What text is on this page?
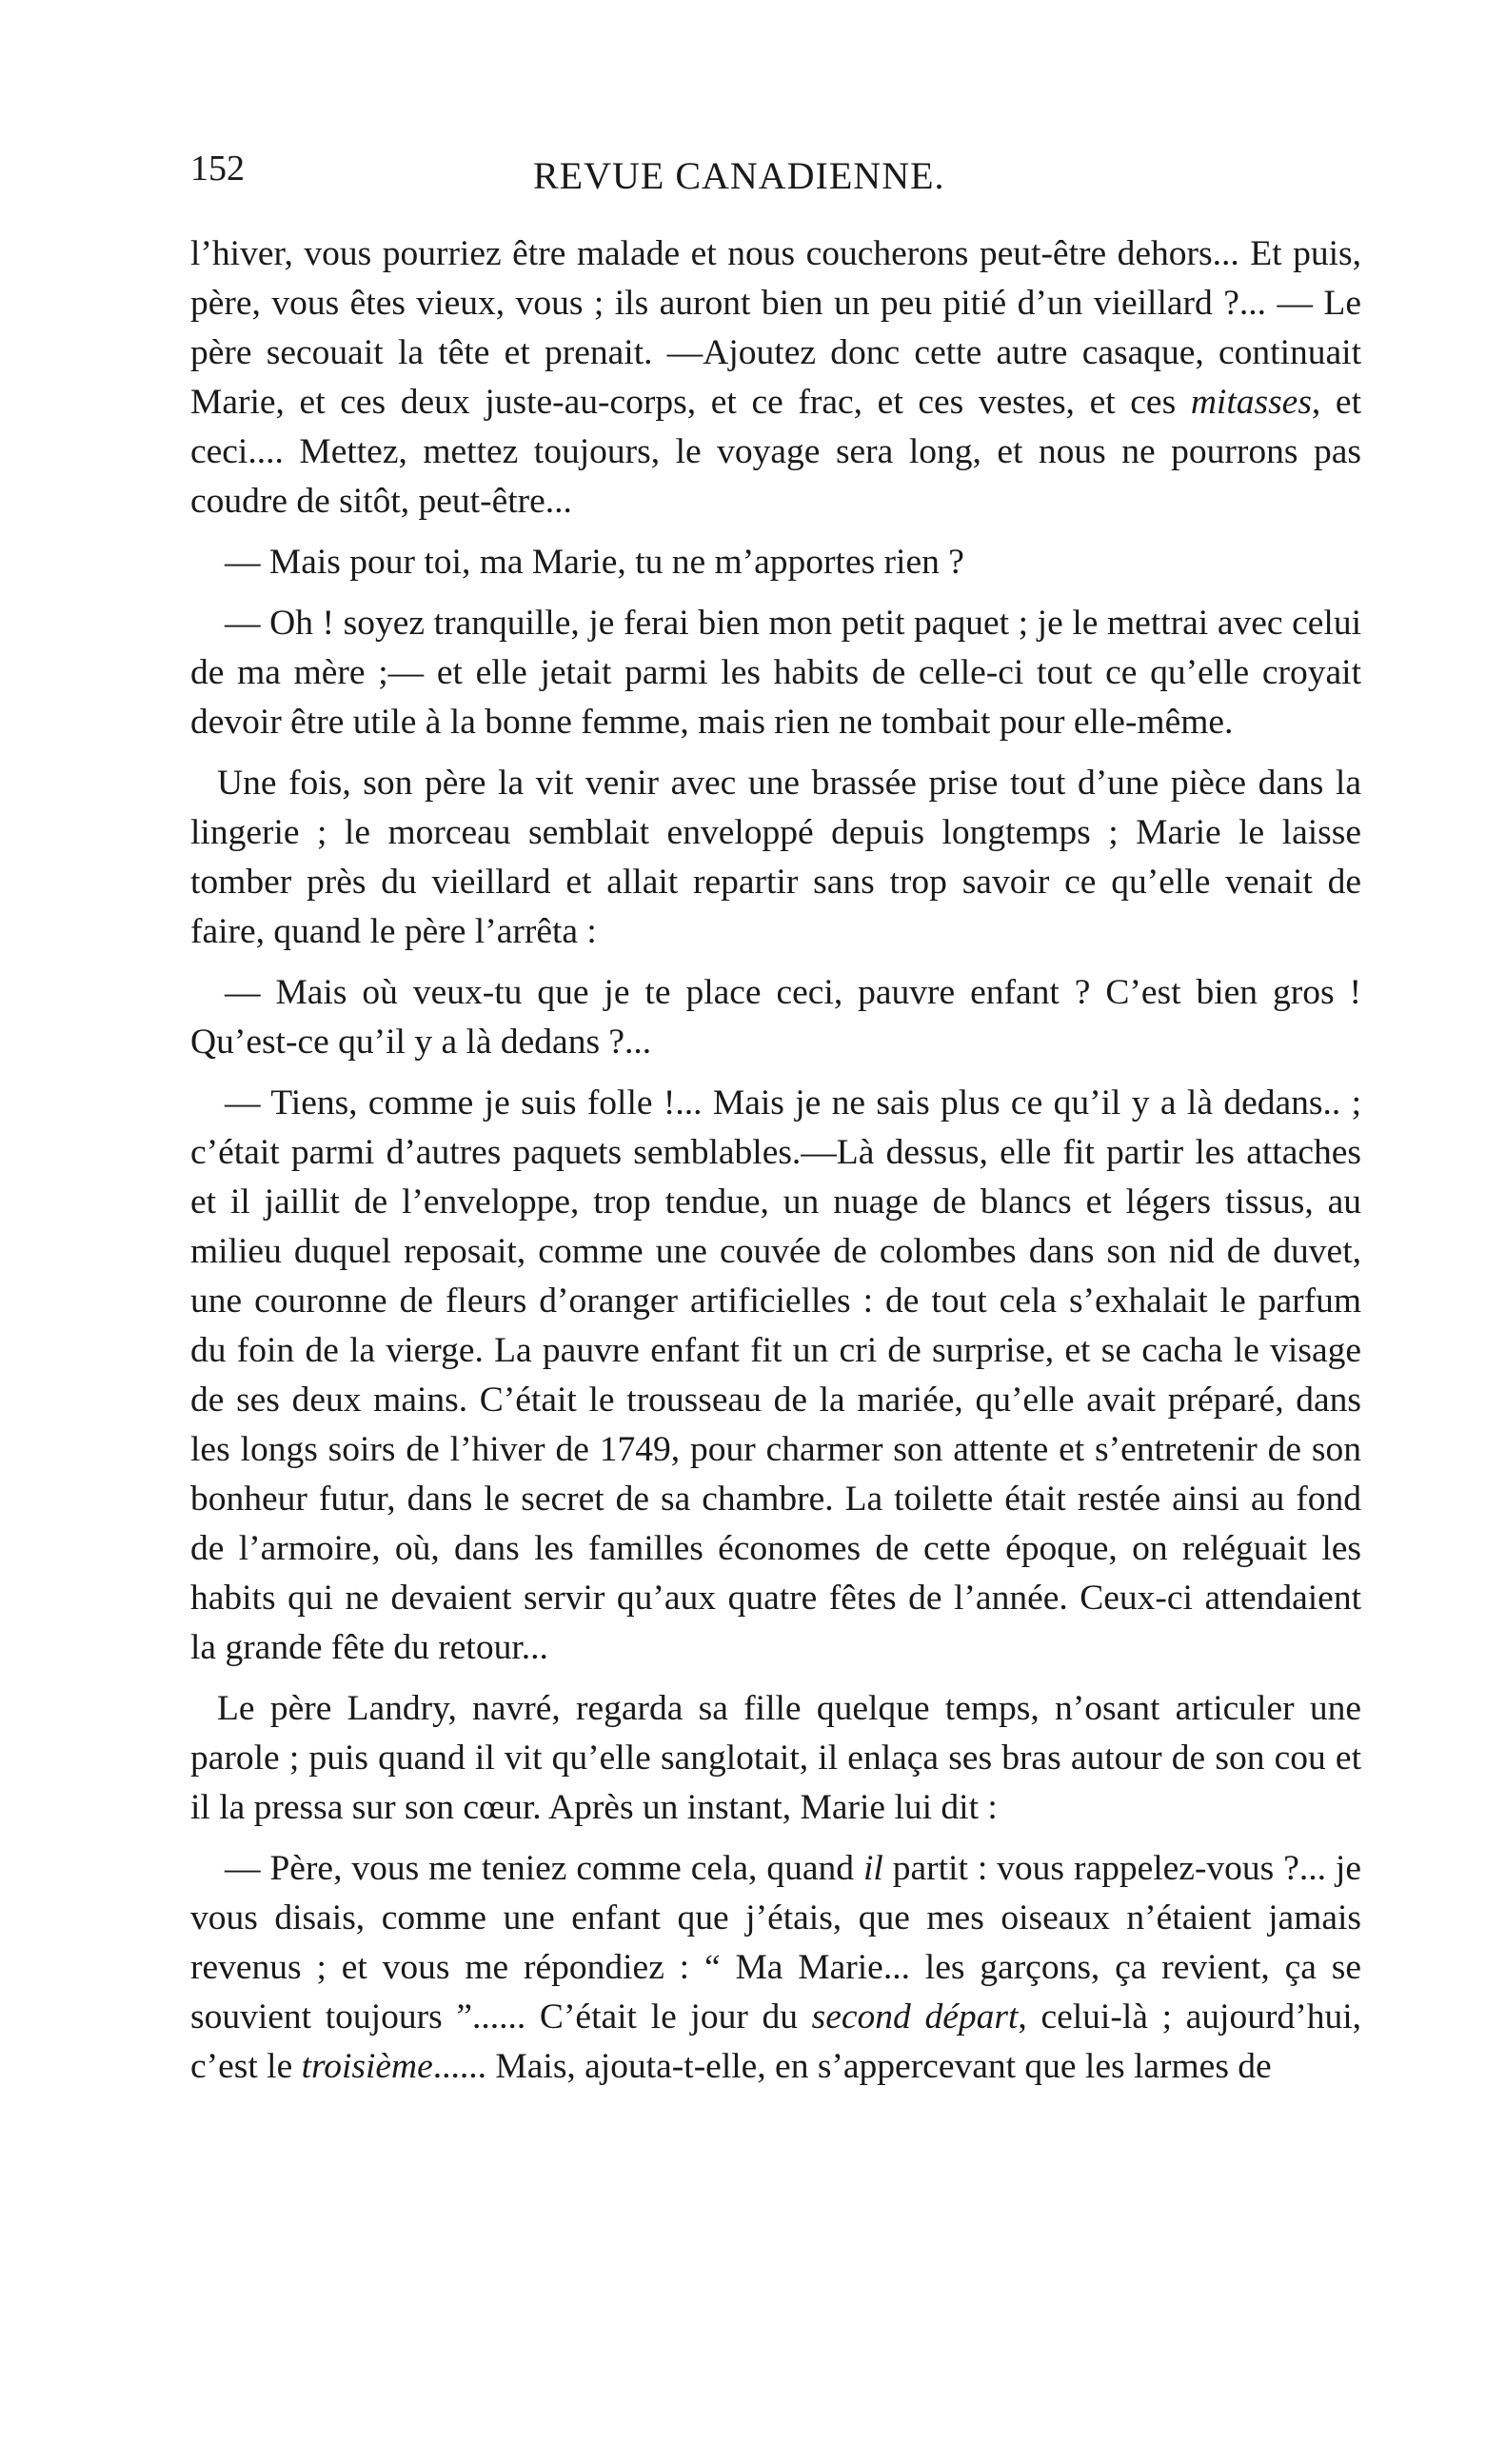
152	REVUE CANADIENNE.

l’hiver, vous pourriez être malade et nous coucherons peut-être dehors... Et puis, père, vous êtes vieux, vous ; ils auront bien un peu pitié d’un vieillard ?... — Le père secouait la tête et prenait. —Ajoutez donc cette autre casaque, continuait Marie, et ces deux juste-au-corps, et ce frac, et ces vestes, et ces mitasses, et ceci.... Mettez, mettez toujours, le voyage sera long, et nous ne pourrons pas coudre de sitôt, peut-être...

— Mais pour toi, ma Marie, tu ne m’apportes rien ?

— Oh ! soyez tranquille, je ferai bien mon petit paquet ; je le mettrai avec celui de ma mère ;— et elle jetait parmi les habits de celle-ci tout ce qu’elle croyait devoir être utile à la bonne femme, mais rien ne tombait pour elle-même.

Une fois, son père la vit venir avec une brassée prise tout d’une pièce dans la lingerie ; le morceau semblait enveloppé depuis longtemps ; Marie le laisse tomber près du vieillard et allait repartir sans trop savoir ce qu’elle venait de faire, quand le père l’arrêta :

— Mais où veux-tu que je te place ceci, pauvre enfant ? C’est bien gros ! Qu’est-ce qu’il y a là dedans ?...

— Tiens, comme je suis folle !... Mais je ne sais plus ce qu’il y a là dedans.. ; c’était parmi d’autres paquets semblables.—Là dessus, elle fit partir les attaches et il jaillit de l’enveloppe, trop tendue, un nuage de blancs et légers tissus, au milieu duquel reposait, comme une couvée de colombes dans son nid de duvet, une couronne de fleurs d’oranger artificielles : de tout cela s’exhalait le parfum du foin de la vierge. La pauvre enfant fit un cri de surprise, et se cacha le visage de ses deux mains. C’était le trousseau de la mariée, qu’elle avait préparé, dans les longs soirs de l’hiver de 1749, pour charmer son attente et s’entretenir de son bonheur futur, dans le secret de sa chambre. La toilette était restée ainsi au fond de l’armoire, où, dans les familles économes de cette époque, on reléguait les habits qui ne devaient servir qu’aux quatre fêtes de l’année. Ceux-ci attendaient la grande fête du retour...

Le père Landry, navré, regarda sa fille quelque temps, n’osant articuler une parole ; puis quand il vit qu’elle sanglotait, il enlaça ses bras autour de son cou et il la pressa sur son cœur. Après un instant, Marie lui dit :

— Père, vous me teniez comme cela, quand il partit : vous rappelez-vous ?... je vous disais, comme une enfant que j’étais, que mes oiseaux n’étaient jamais revenus ; et vous me répondiez : “ Ma Marie... les garçons, ça revient, ça se souvient toujours ”...... C’était le jour du second départ, celui-là ; aujourd’hui, c’est le troisième...... Mais, ajouta-t-elle, en s’appercevant que les larmes de
